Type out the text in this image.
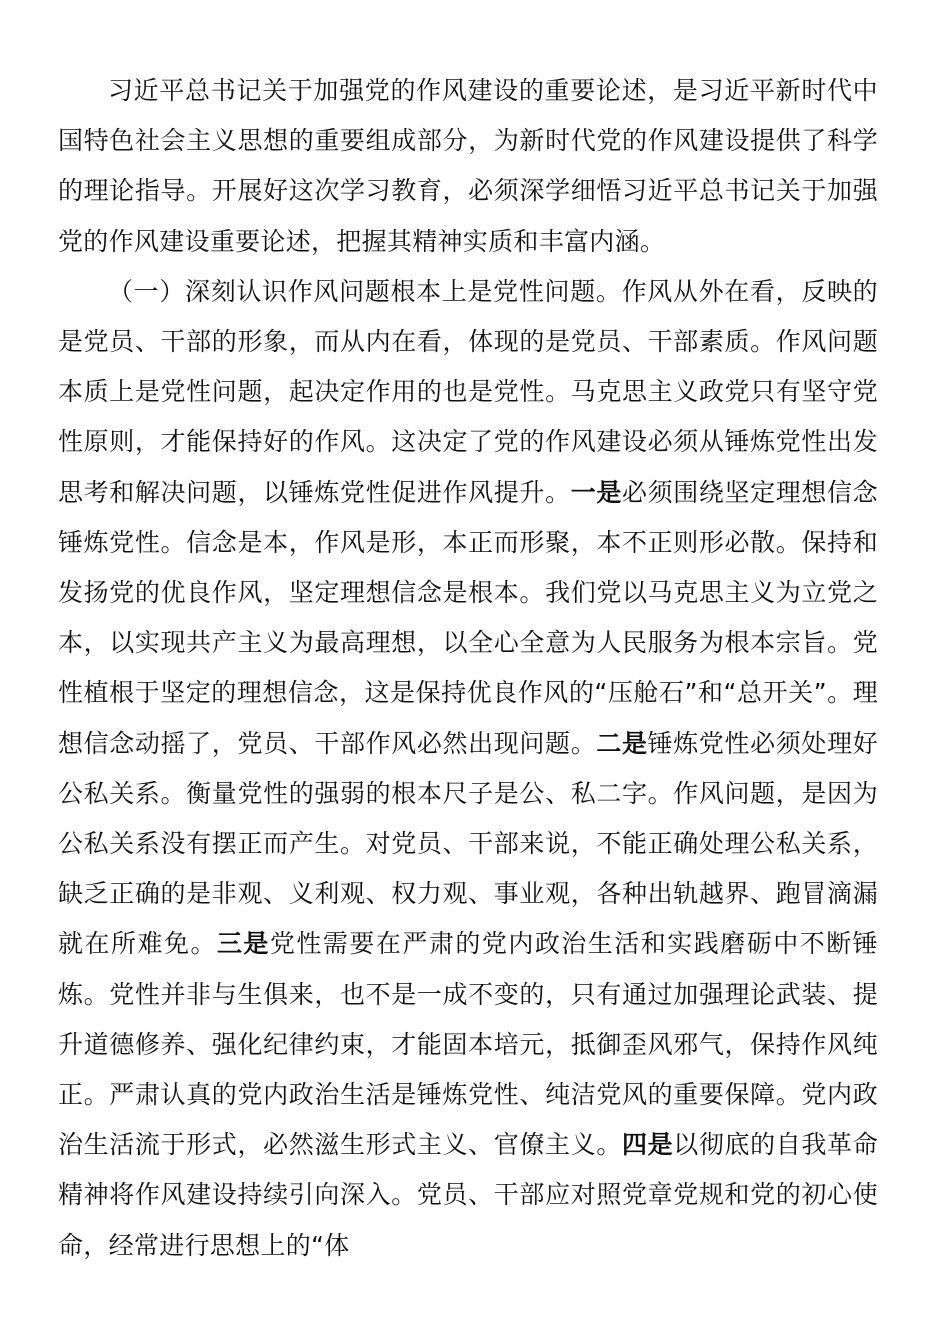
习近平总书记关于加强党的作风建设的重要论述，是习近平新时代中国特色社会主义思想的重要组成部分，为新时代党的作风建设提供了科学的理论指导。开展好这次学习教育，必须深学细悟习近平总书记关于加强党的作风建设重要论述，把握其精神实质和丰富内涵。

（一）深刻认识作风问题根本上是党性问题。作风从外在看，反映的是党员、干部的形象，而从内在看，体现的是党员、干部素质。作风问题本质上是党性问题，起决定作用的也是党性。马克思主义政党只有坚守党性原则，才能保持好的作风。这决定了党的作风建设必须从锤炼党性出发思考和解决问题，以锤炼党性促进作风提升。一是必须围绕坚定理想信念锤炼党性。信念是本，作风是形，本正而形聚，本不正则形必散。保持和发扬党的优良作风，坚定理想信念是根本。我们党以马克思主义为立党之本，以实现共产主义为最高理想，以全心全意为人民服务为根本宗旨。党性植根于坚定的理想信念，这是保持优良作风的“压舱石”和“总开关”。理想信念动摇了，党员、干部作风必然出现问题。二是锤炼党性必须处理好公私关系。衡量党性的强弱的根本尺子是公、私二字。作风问题，是因为公私关系没有摆正而产生。对党员、干部来说，不能正确处理公私关系，缺乏正确的是非观、义利观、权力观、事业观，各种出轨越界、跑冒滴漏就在所难免。三是党性需要在严肃的党内政治生活和实践磨砺中不断锤炼。党性并非与生俱来，也不是一成不变的，只有通过加强理论武装、提升道德修养、强化纪律约束，才能固本培元，抵御歪风邪气，保持作风纯正。严肃认真的党内政治生活是锤炼党性、纯洁党风的重要保障。党内政治生活流于形式，必然滋生形式主义、官僚主义。四是以彻底的自我革命精神将作风建设持续引向深入。党员、干部应对照党章党规和党的初心使命，经常进行思想上的“体
